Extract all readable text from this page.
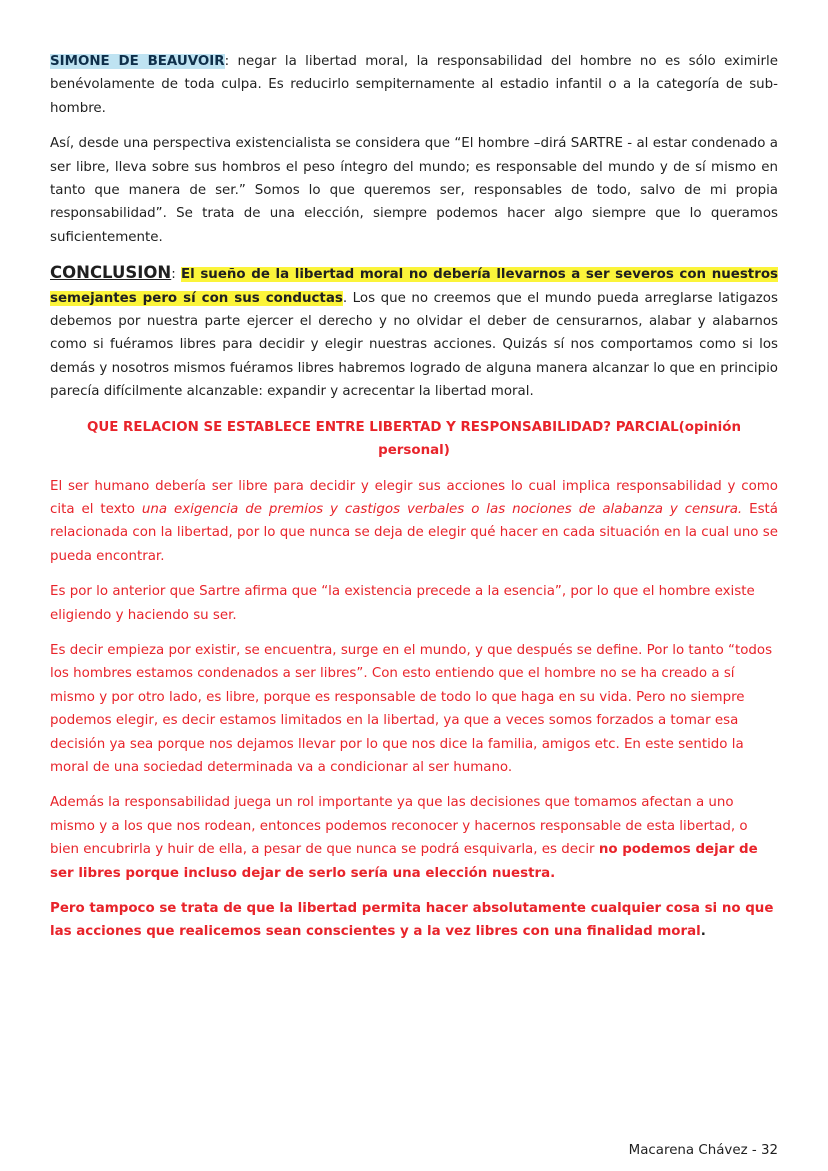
SIMONE DE BEAUVOIR: negar la libertad moral, la responsabilidad del hombre no es sólo eximirle benévolamente de toda culpa. Es reducirlo sempiternamente al estadio infantil o a la categoría de sub-hombre.

Así, desde una perspectiva existencialista se considera que “El hombre –dirá SARTRE - al estar condenado a ser libre, lleva sobre sus hombros el peso íntegro del mundo; es responsable del mundo y de sí mismo en tanto que manera de ser.” Somos lo que queremos ser, responsables de todo, salvo de mi propia responsabilidad”. Se trata de una elección, siempre podemos hacer algo siempre que lo queramos suficientemente.

CONCLUSION: El sueño de la libertad moral no debería llevarnos a ser severos con nuestros semejantes pero sí con sus conductas. Los que no creemos que el mundo pueda arreglarse latigazos debemos por nuestra parte ejercer el derecho y no olvidar el deber de censurarnos, alabar y alabarnos como si fuéramos libres para decidir y elegir nuestras acciones. Quizás sí nos comportamos como si los demás y nosotros mismos fuéramos libres habremos logrado de alguna manera alcanzar lo que en principio parecía difícilmente alcanzable: expandir y acrecentar la libertad moral.

QUE RELACION SE ESTABLECE ENTRE LIBERTAD Y RESPONSABILIDAD? PARCIAL(opinión personal)

El ser humano debería ser libre para decidir y elegir sus acciones lo cual implica responsabilidad y como cita el texto una exigencia de premios y castigos verbales o las nociones de alabanza y censura. Está relacionada con la libertad, por lo que nunca se deja de elegir qué hacer en cada situación en la cual uno se pueda encontrar.

Es por lo anterior que Sartre afirma que “la existencia precede a la esencia”, por lo que el hombre existe eligiendo y haciendo su ser.

Es decir empieza por existir, se encuentra, surge en el mundo, y que después se define. Por lo tanto “todos los hombres estamos condenados a ser libres”. Con esto entiendo que el hombre no se ha creado a sí mismo y por otro lado, es libre, porque es responsable de todo lo que haga en su vida. Pero no siempre podemos elegir, es decir estamos limitados en la libertad, ya que a veces somos forzados a tomar esa decisión ya sea porque nos dejamos llevar por lo que nos dice la familia, amigos etc. En este sentido la moral de una sociedad determinada va a condicionar al ser humano.

Además la responsabilidad juega un rol importante ya que las decisiones que tomamos afectan a uno mismo y a los que nos rodean, entonces podemos reconocer y hacernos responsable de esta libertad, o bien encubrirla y huir de ella, a pesar de que nunca se podrá esquivarla, es decir no podemos dejar de ser libres porque incluso dejar de serlo sería una elección nuestra.

Pero tampoco se trata de que la libertad permita hacer absolutamente cualquier cosa si no que las acciones que realicemos sean conscientes y a la vez libres con una finalidad moral.

Macarena Chávez - 32
